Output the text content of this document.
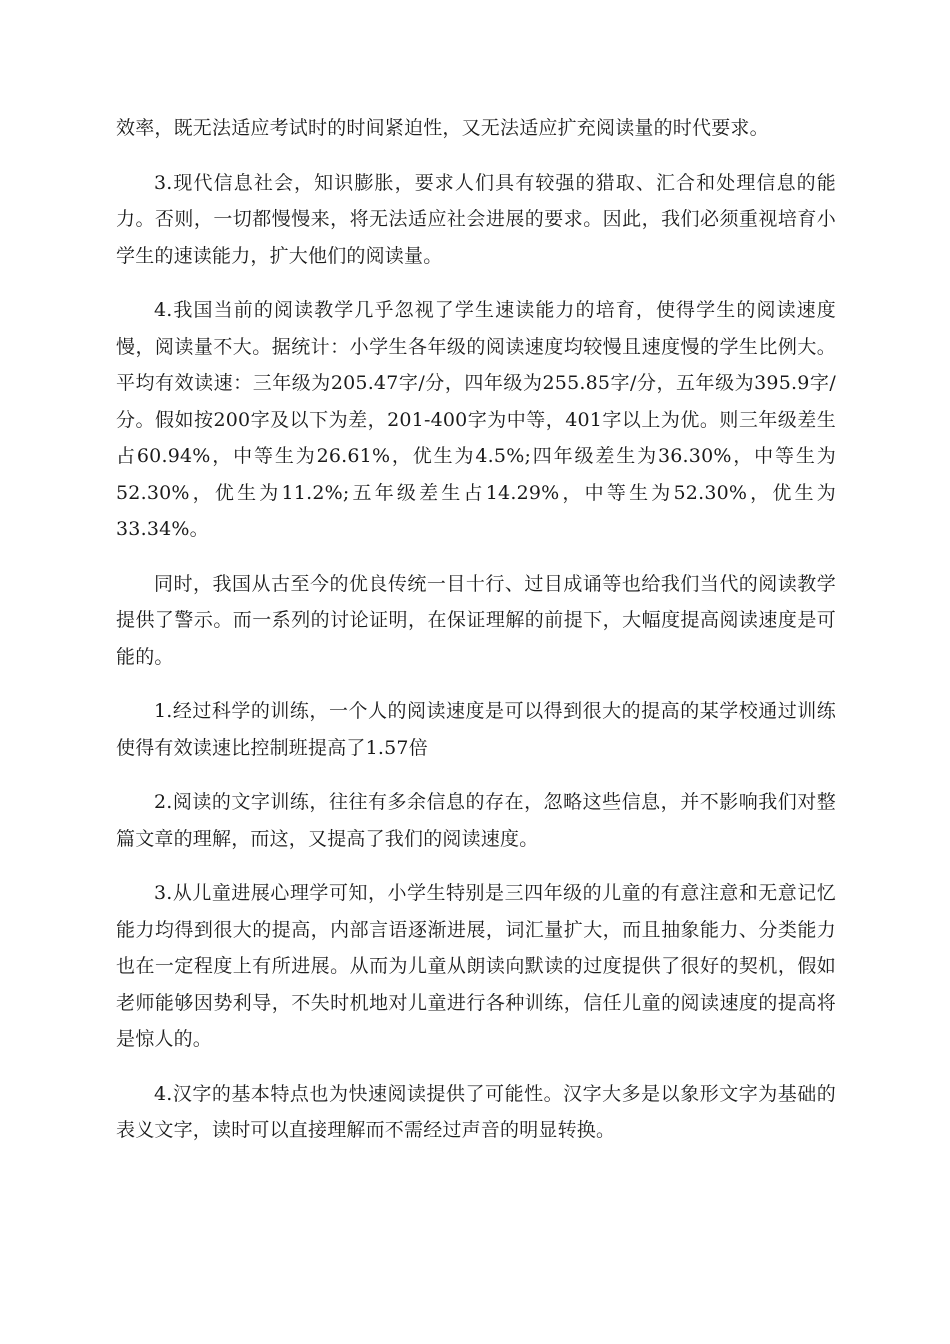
效率，既无法适应考试时的时间紧迫性，又无法适应扩充阅读量的时代要求。

3.现代信息社会，知识膨胀，要求人们具有较强的猎取、汇合和处理信息的能力。否则，一切都慢慢来，将无法适应社会进展的要求。因此，我们必须重视培育小学生的速读能力，扩大他们的阅读量。

4.我国当前的阅读教学几乎忽视了学生速读能力的培育，使得学生的阅读速度慢，阅读量不大。据统计：小学生各年级的阅读速度均较慢且速度慢的学生比例大。平均有效读速：三年级为205.47字/分，四年级为255.85字/分，五年级为395.9字/分。假如按200字及以下为差，201-400字为中等，401字以上为优。则三年级差生占60.94%，中等生为26.61%，优生为4.5%;四年级差生为36.30%，中等生为52.30%，优生为11.2%;五年级差生占14.29%，中等生为52.30%，优生为33.34%。

同时，我国从古至今的优良传统一目十行、过目成诵等也给我们当代的阅读教学提供了警示。而一系列的讨论证明，在保证理解的前提下，大幅度提高阅读速度是可能的。

1.经过科学的训练，一个人的阅读速度是可以得到很大的提高的某学校通过训练使得有效读速比控制班提高了1.57倍

2.阅读的文字训练，往往有多余信息的存在，忽略这些信息，并不影响我们对整篇文章的理解，而这，又提高了我们的阅读速度。

3.从儿童进展心理学可知，小学生特别是三四年级的儿童的有意注意和无意记忆能力均得到很大的提高，内部言语逐渐进展，词汇量扩大，而且抽象能力、分类能力也在一定程度上有所进展。从而为儿童从朗读向默读的过度提供了很好的契机，假如老师能够因势利导，不失时机地对儿童进行各种训练，信任儿童的阅读速度的提高将是惊人的。

4.汉字的基本特点也为快速阅读提供了可能性。汉字大多是以象形文字为基础的表义文字，读时可以直接理解而不需经过声音的明显转换。
